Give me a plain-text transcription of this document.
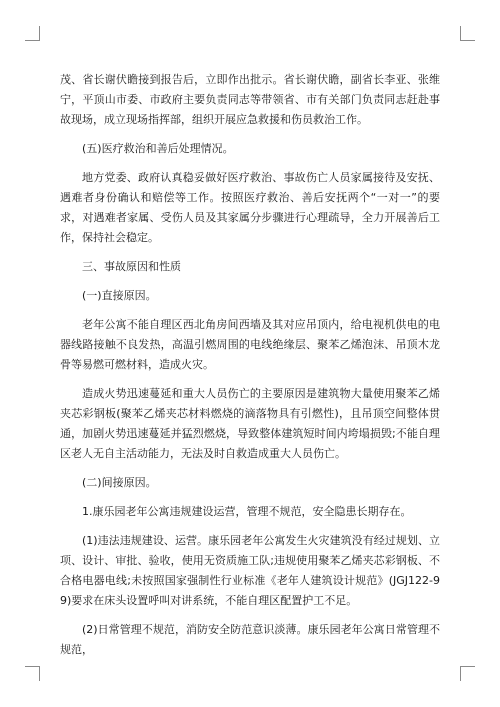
茂、省长谢伏瞻接到报告后，立即作出批示。省长谢伏瞻，副省长李亚、张维宁，平顶山市委、市政府主要负责同志等带领省、市有关部门负责同志赶赴事故现场，成立现场指挥部，组织开展应急救援和伤员救治工作。

(五)医疗救治和善后处理情况。

地方党委、政府认真稳妥做好医疗救治、事故伤亡人员家属接待及安抚、遇难者身份确认和赔偿等工作。按照医疗救治、善后安抚两个“一对一”的要求，对遇难者家属、受伤人员及其家属分步骤进行心理疏导，全力开展善后工作，保持社会稳定。

三、事故原因和性质

(一)直接原因。

老年公寓不能自理区西北角房间西墙及其对应吊顶内，给电视机供电的电器线路接触不良发热，高温引燃周围的电线绝缘层、聚苯乙烯泡沫、吊顶木龙骨等易燃可燃材料，造成火灾。

造成火势迅速蔓延和重大人员伤亡的主要原因是建筑物大量使用聚苯乙烯夹芯彩钢板(聚苯乙烯夹芯材料燃烧的滴落物具有引燃性)，且吊顶空间整体贯通，加剧火势迅速蔓延并猛烈燃烧，导致整体建筑短时间内垮塌损毁;不能自理区老人无自主活动能力，无法及时自救造成重大人员伤亡。

(二)间接原因。

1.康乐园老年公寓违规建设运营，管理不规范，安全隐患长期存在。

(1)违法违规建设、运营。康乐园老年公寓发生火灾建筑没有经过规划、立项、设计、审批、验收，使用无资质施工队;违规使用聚苯乙烯夹芯彩钢板、不合格电器电线;未按照国家强制性行业标准《老年人建筑设计规范》(JGJ122-99)要求在床头设置呼叫对讲系统，不能自理区配置护工不足。

(2)日常管理不规范，消防安全防范意识淡薄。康乐园老年公寓日常管理不规范，
